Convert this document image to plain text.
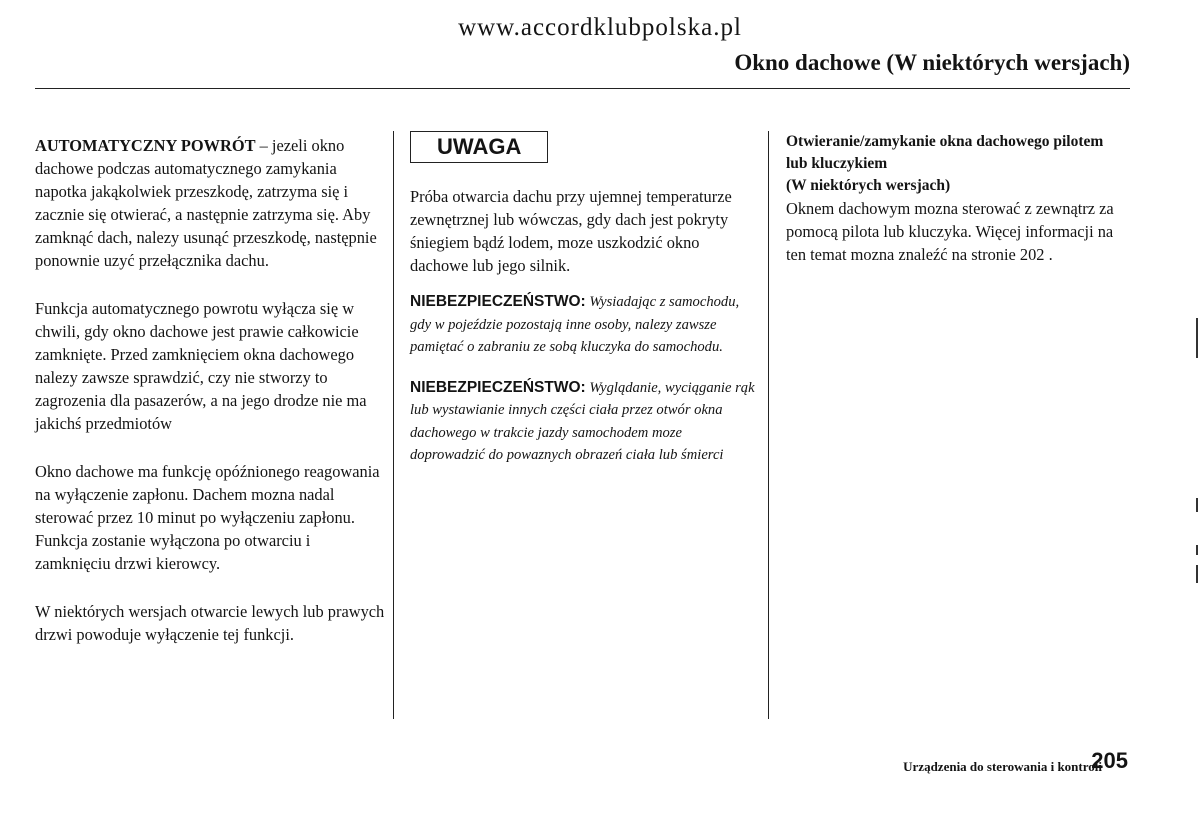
www.accordklubpolska.pl
Okno dachowe (W niektórych wersjach)

AUTOMATYCZNY POWRÓT – jezeli okno dachowe podczas automatycznego zamykania napotka jakąkolwiek przeszkodę, zatrzyma się i zacznie się otwierać, a następnie zatrzyma się. Aby zamknąć dach, nalezy usunąć przeszkodę, następnie ponownie uzyć przełącznika dachu.

Funkcja automatycznego powrotu wyłącza się w chwili, gdy okno dachowe jest prawie całkowicie zamknięte. Przed zamknięciem okna dachowego nalezy zawsze sprawdzić, czy nie stworzy to zagrozenia dla pasazerów, a na jego drodze nie ma jakichś przedmiotów

Okno dachowe ma funkcję opóźnionego reagowania na wyłączenie zapłonu. Dachem mozna nadal sterować przez 10 minut po wyłączeniu zapłonu. Funkcja zostanie wyłączona po otwarciu i zamknięciu drzwi kierowcy.

W niektórych wersjach otwarcie lewych lub prawych drzwi powoduje wyłączenie tej funkcji.

UWAGA

Próba otwarcia dachu przy ujemnej temperaturze zewnętrznej lub wówczas, gdy dach jest pokryty śniegiem bądź lodem, moze uszkodzić okno dachowe lub jego silnik.

NIEBEZPIECZEŃSTWO: Wysiadając z samochodu, gdy w pojeździe pozostają inne osoby, nalezy zawsze pamiętać o zabraniu ze sobą kluczyka do samochodu.

NIEBEZPIECZEŃSTWO: Wyglądanie, wyciąganie rąk lub wystawianie innych części ciała przez otwór okna dachowego w trakcie jazdy samochodem moze doprowadzić do powaznych obrazeń ciała lub śmierci

Otwieranie/zamykanie okna dachowego pilotem lub kluczykiem
(W niektórych wersjach)

Oknem dachowym mozna sterować z zewnątrz za pomocą pilota lub kluczyka. Więcej informacji na ten temat mozna znaleźć na stronie 202 .

Urządzenia do sterowania i kontroli
205
